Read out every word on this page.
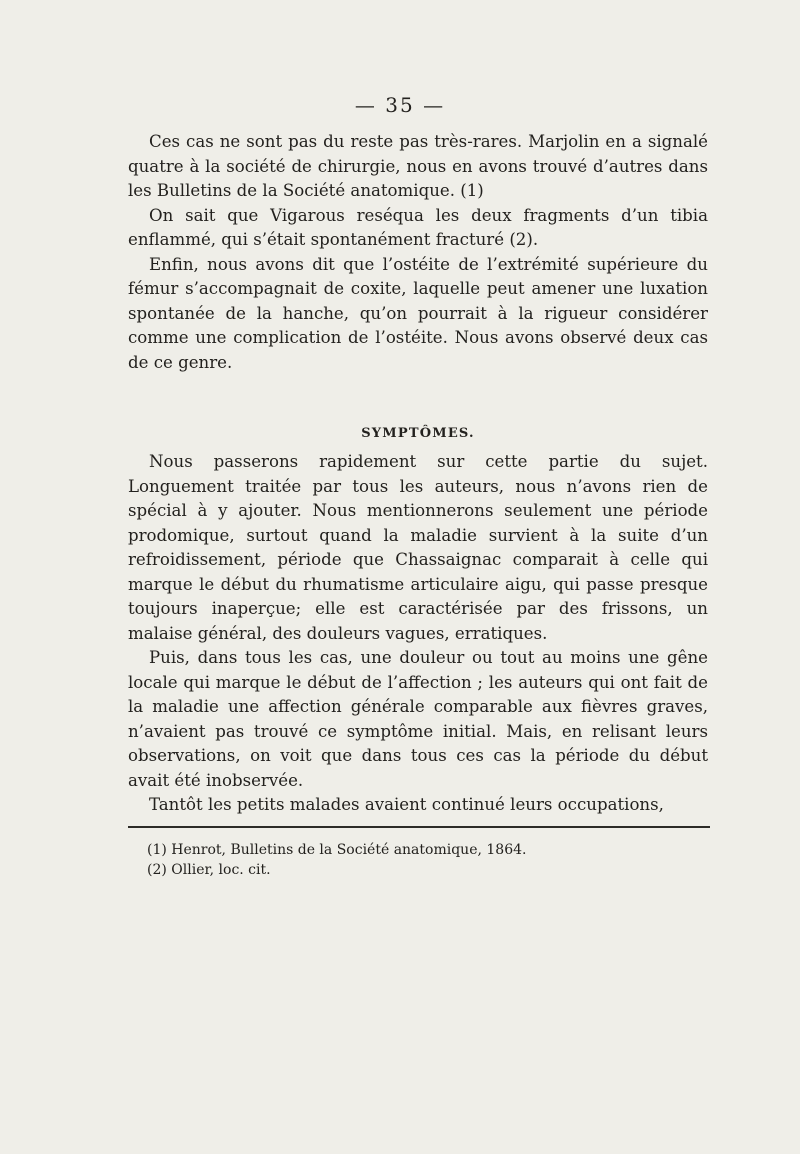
— 35 —

Ces cas ne sont pas du reste pas très-rares. Marjolin en a signalé quatre à la société de chirurgie, nous en avons trouvé d’autres dans les Bulletins de la Société anatomique. (1)

On sait que Vigarous reséqua les deux fragments d’un tibia enflammé, qui s’était spontanément fracturé (2).

Enfin, nous avons dit que l’ostéite de l’extrémité supérieure du fémur s’accompagnait de coxite, laquelle peut amener une luxation spontanée de la hanche, qu’on pourrait à la rigueur considérer comme une complication de l’ostéite. Nous avons observé deux cas de ce genre.

SYMPTÔMES.

Nous passerons rapidement sur cette partie du sujet. Longuement traitée par tous les auteurs, nous n’avons rien de spécial à y ajouter. Nous mentionnerons seulement une période prodomique, surtout quand la maladie survient à la suite d’un refroidissement, période que Chassaignac comparait à celle qui marque le début du rhumatisme articulaire aigu, qui passe presque toujours inaperçue; elle est caractérisée par des frissons, un malaise général, des douleurs vagues, erratiques.

Puis, dans tous les cas, une douleur ou tout au moins une gêne locale qui marque le début de l’affection ; les auteurs qui ont fait de la maladie une affection générale comparable aux fièvres graves, n’avaient pas trouvé ce symptôme initial. Mais, en relisant leurs observations, on voit que dans tous ces cas la période du début avait été inobservée.

Tantôt les petits malades avaient continué leurs occupations,

(1) Henrot, Bulletins de la Société anatomique, 1864.

(2) Ollier, loc. cit.
